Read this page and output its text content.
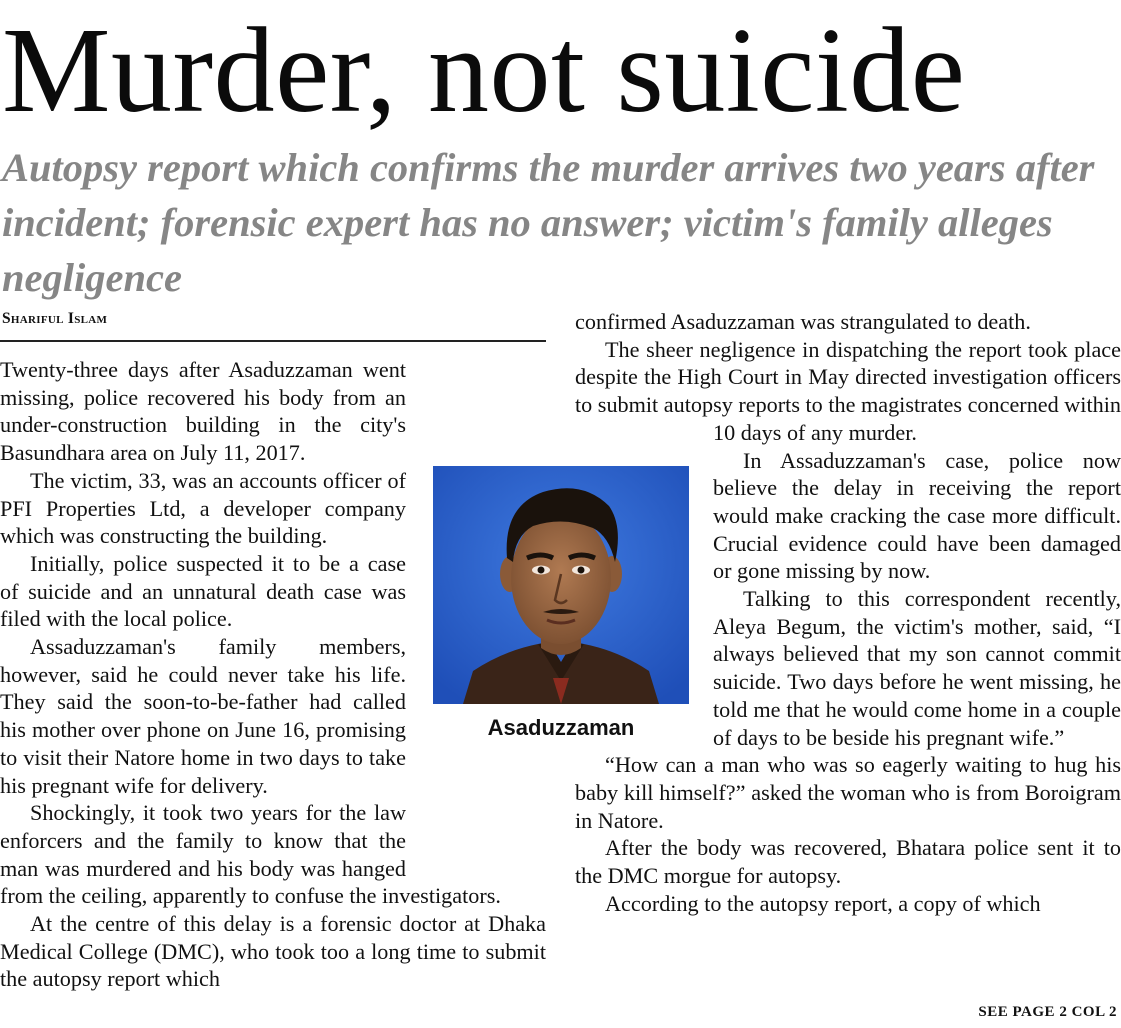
Murder, not suicide
Autopsy report which confirms the murder arrives two years after incident; forensic expert has no answer; victim's family alleges negligence
Shariful Islam

Twenty-three days after Asaduzzaman went missing, police recovered his body from an under-construction building in the city's Basundhara area on July 11, 2017.

The victim, 33, was an accounts officer of PFI Properties Ltd, a developer company which was constructing the building.

Initially, police suspected it to be a case of suicide and an unnatural death case was filed with the local police.

Assaduzzaman's family members, however, said he could never take his life. They said the soon-to-be-father had called his mother over phone on June 16, promising to visit their Natore home in two days to take his pregnant wife for delivery.

Shockingly, it took two years for the law enforcers and the family to know that the man was murdered and his body was hanged from the ceiling, apparently to confuse the investigators.

At the centre of this delay is a forensic doctor at Dhaka Medical College (DMC), who took too a long time to submit the autopsy report which

confirmed Asaduzzaman was strangulated to death.

The sheer negligence in dispatching the report took place despite the High Court in May directed investigation officers to submit autopsy reports to the magistrates concerned within 10 days of any murder.

In Assaduzzaman's case, police now believe the delay in receiving the report would make cracking the case more difficult. Crucial evidence could have been damaged or gone missing by now.

Talking to this correspondent recently, Aleya Begum, the victim's mother, said, “I always believed that my son cannot commit suicide. Two days before he went missing, he told me that he would come home in a couple of days to be beside his pregnant wife.”

“How can a man who was so eagerly waiting to hug his baby kill himself?” asked the woman who is from Boroigram in Natore.

After the body was recovered, Bhatara police sent it to the DMC morgue for autopsy.

According to the autopsy report, a copy of which

Asaduzzaman
SEE PAGE 2 COL 2
